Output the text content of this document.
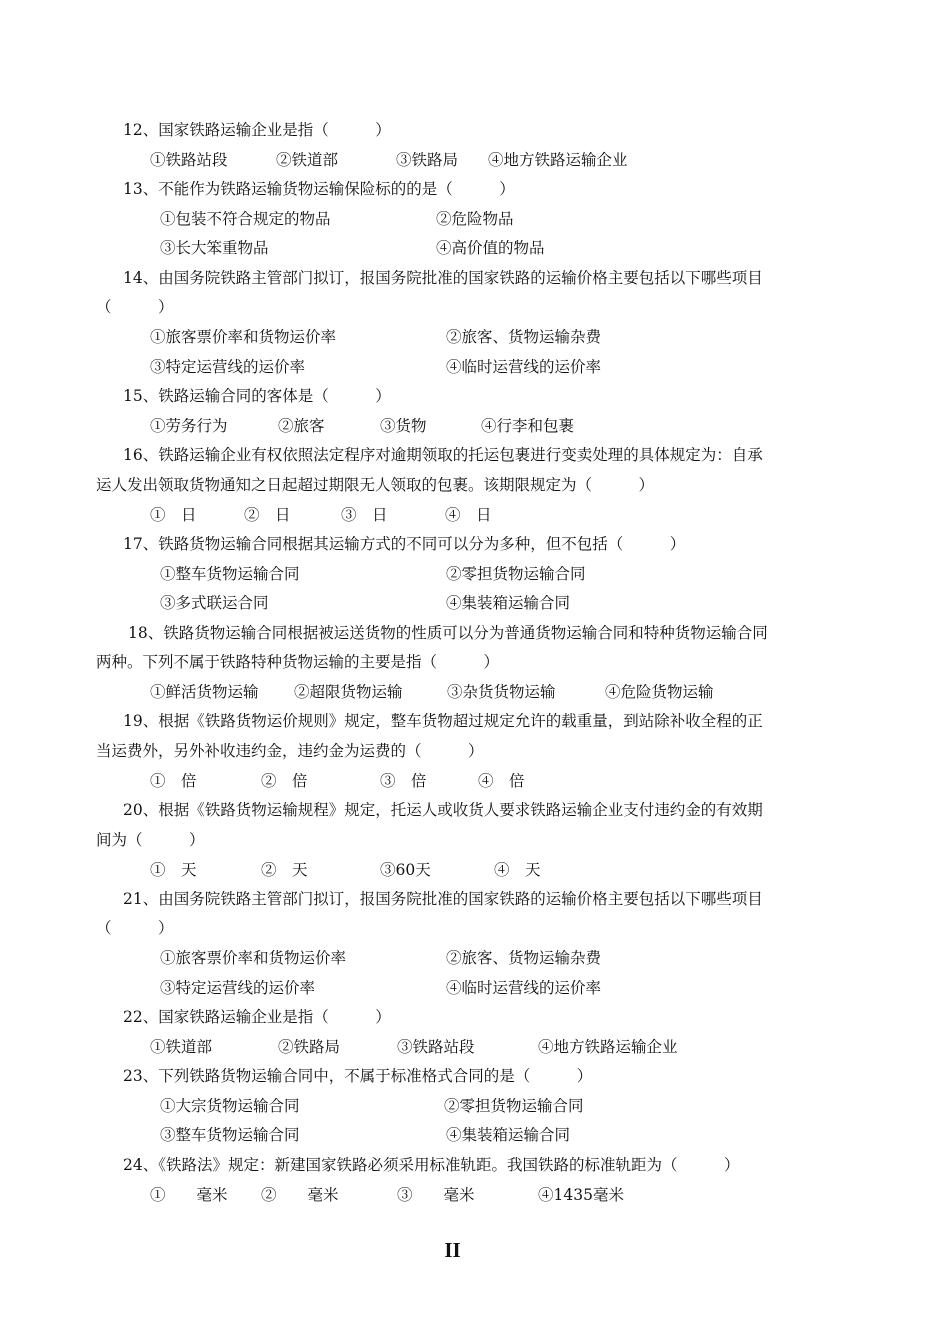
12、国家铁路运输企业是指（　　　）
①铁路站段	②铁道部	③铁路局 ④地方铁路运输企业
13、不能作为铁路运输货物运输保险标的的是（　　　）
①包装不符合规定的物品	②危险物品
③长大笨重物品	④高价值的物品
14、由国务院铁路主管部门拟订，报国务院批准的国家铁路的运输价格主要包括以下哪些项目
（　　　）
①旅客票价率和货物运价率	②旅客、货物运输杂费
③特定运营线的运价率	④临时运营线的运价率
15、铁路运输合同的客体是（　　　）
①劳务行为	②旅客	③货物	④行李和包裹
16、铁路运输企业有权依照法定程序对逾期领取的托运包裹进行变卖处理的具体规定为：自承
运人发出领取货物通知之日起超过期限无人领取的包裹。该期限规定为（　　　）
①　日	②　日	③　日	④　日
17、铁路货物运输合同根据其运输方式的不同可以分为多种，但不包括（　　　）
①整车货物运输合同	②零担货物运输合同
③多式联运合同	④集装箱运输合同
18、铁路货物运输合同根据被运送货物的性质可以分为普通货物运输合同和特种货物运输合同
两种。下列不属于铁路特种货物运输的主要是指（　　　）
①鲜活货物运输 ②超限货物运输	③杂货货物运输	④危险货物运输
19、根据《铁路货物运价规则》规定，整车货物超过规定允许的载重量，到站除补收全程的正
当运费外，另外补收违约金，违约金为运费的（　　　）
①　倍	②　倍	③　倍	④　倍
20、根据《铁路货物运输规程》规定，托运人或收货人要求铁路运输企业支付违约金的有效期
间为（　　　）
①　天	②　天	③60天	④　天
21、由国务院铁路主管部门拟订，报国务院批准的国家铁路的运输价格主要包括以下哪些项目
（　　　）
①旅客票价率和货物运价率	②旅客、货物运输杂费
③特定运营线的运价率	④临时运营线的运价率
22、国家铁路运输企业是指（　　　）
①铁道部	②铁路局	③铁路站段	④地方铁路运输企业
23、下列铁路货物运输合同中，不属于标准格式合同的是（　　　）
①大宗货物运输合同	②零担货物运输合同
③整车货物运输合同	④集装箱运输合同
24、《铁路法》规定：新建国家铁路必须采用标准轨距。我国铁路的标准轨距为（　　　）
①　　毫米 ②　　毫米	③　　毫米	④1435毫米
II
